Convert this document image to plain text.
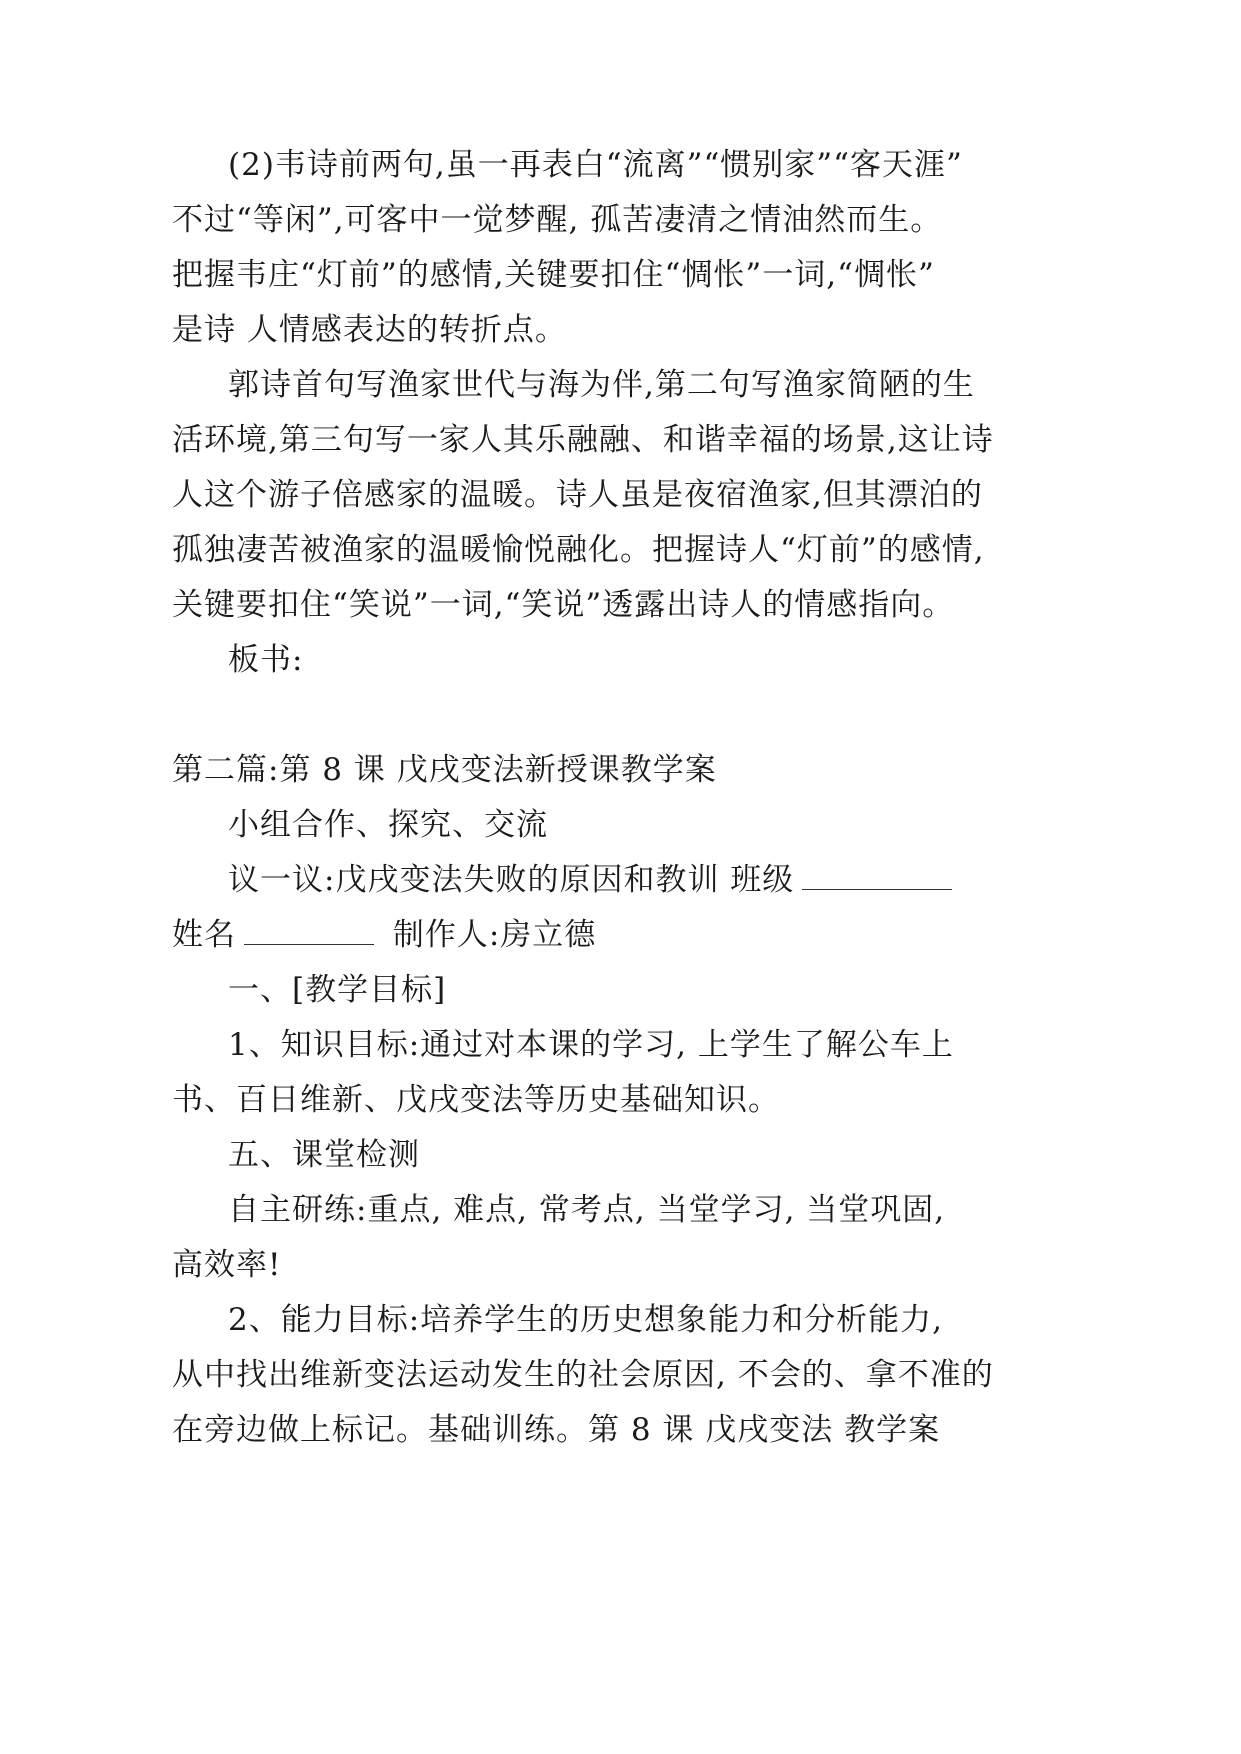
(2)韦诗前两句,虽一再表白“流离”“惯别家”“客天涯”
不过“等闲”,可客中一觉梦醒, 孤苦凄清之情油然而生。
把握韦庄“灯前”的感情,关键要扣住“惆怅”一词,“惆怅”
是诗 人情感表达的转折点。
郭诗首句写渔家世代与海为伴,第二句写渔家简陋的生
活环境,第三句写一家人其乐融融、和谐幸福的场景,这让诗
人这个游子倍感家的温暖。诗人虽是夜宿渔家,但其漂泊的
孤独凄苦被渔家的温暖愉悦融化。把握诗人“灯前”的感情,
关键要扣住“笑说”一词,“笑说”透露出诗人的情感指向。
板书:
第二篇:第 8 课 戊戌变法新授课教学案
小组合作、探究、交流
议一议:戊戌变法失败的原因和教训 班级
姓名	制作人:房立德
一、[教学目标]
1、知识目标:通过对本课的学习, 上学生了解公车上
书、百日维新、戊戌变法等历史基础知识。
五、课堂检测
自主研练:重点, 难点, 常考点, 当堂学习, 当堂巩固,
高效率!
2、能力目标:培养学生的历史想象能力和分析能力,
从中找出维新变法运动发生的社会原因, 不会的、拿不准的
在旁边做上标记。基础训练。第 8 课 戊戌变法 教学案
